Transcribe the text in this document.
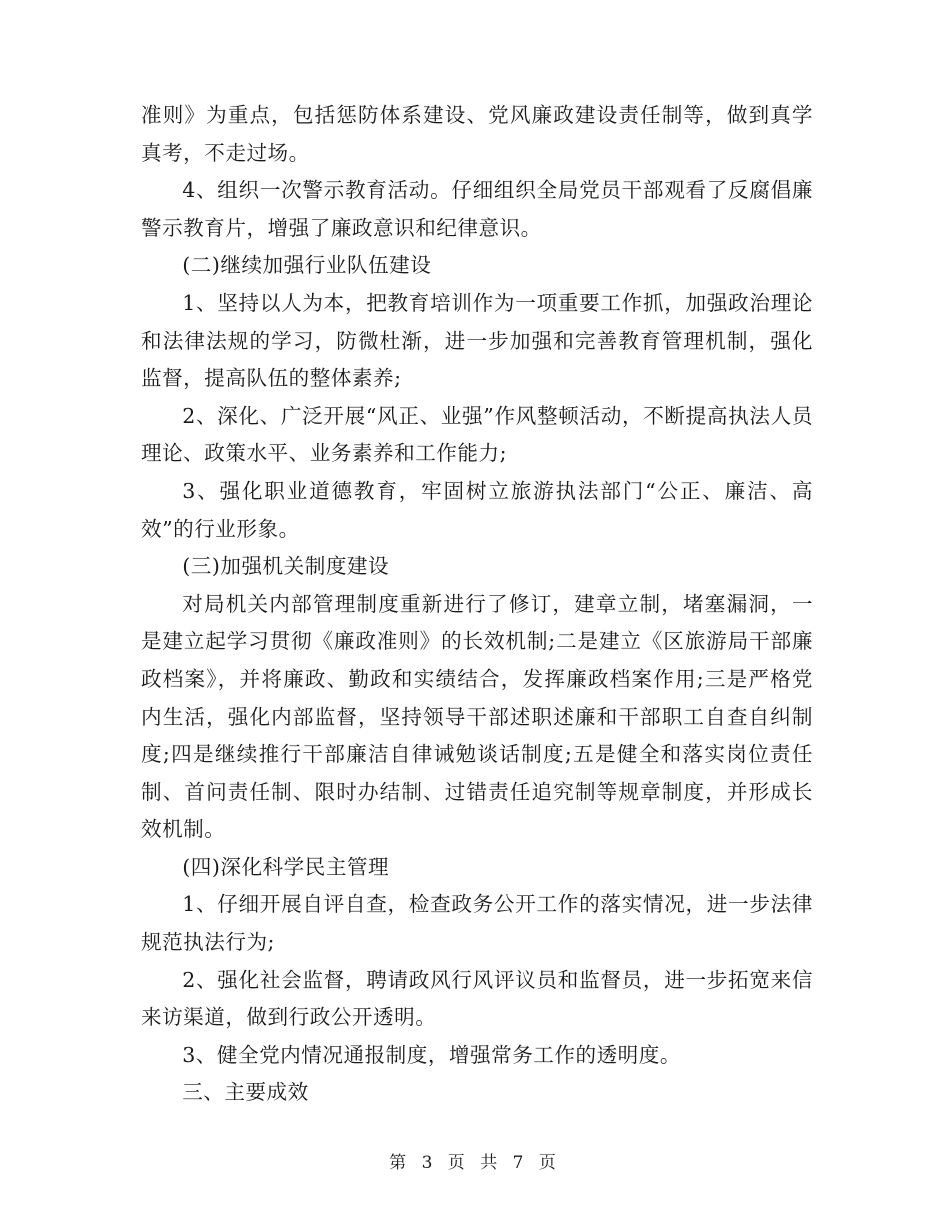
准则》为重点，包括惩防体系建设、党风廉政建设责任制等，做到真学真考，不走过场。

4、组织一次警示教育活动。仔细组织全局党员干部观看了反腐倡廉警示教育片，增强了廉政意识和纪律意识。

(二)继续加强行业队伍建设

1、坚持以人为本，把教育培训作为一项重要工作抓，加强政治理论和法律法规的学习，防微杜渐，进一步加强和完善教育管理机制，强化监督，提高队伍的整体素养;

2、深化、广泛开展“风正、业强”作风整顿活动，不断提高执法人员理论、政策水平、业务素养和工作能力;

3、强化职业道德教育，牢固树立旅游执法部门“公正、廉洁、高效”的行业形象。

(三)加强机关制度建设

对局机关内部管理制度重新进行了修订，建章立制，堵塞漏洞，一是建立起学习贯彻《廉政准则》的长效机制;二是建立《区旅游局干部廉政档案》，并将廉政、勤政和实绩结合，发挥廉政档案作用;三是严格党内生活，强化内部监督，坚持领导干部述职述廉和干部职工自查自纠制度;四是继续推行干部廉洁自律诫勉谈话制度;五是健全和落实岗位责任制、首问责任制、限时办结制、过错责任追究制等规章制度，并形成长效机制。

(四)深化科学民主管理

1、仔细开展自评自查，检查政务公开工作的落实情况，进一步法律规范执法行为;

2、强化社会监督，聘请政风行风评议员和监督员，进一步拓宽来信来访渠道，做到行政公开透明。

3、健全党内情况通报制度，增强常务工作的透明度。

三、主要成效

第 3 页 共 7 页
